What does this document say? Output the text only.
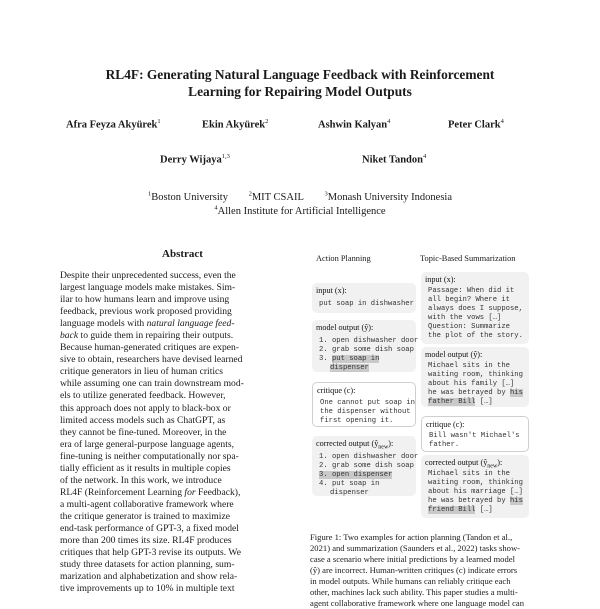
RL4F: Generating Natural Language Feedback with Reinforcement
Learning for Repairing Model Outputs
Afra Feyza Akyürek$^1$	Ekin Akyürek$^2$	Ashwin Kalyan$^4$	Peter Clark$^4$
Derry Wijaya$^{1,3}$	Niket Tandon$^4$
$^1$Boston University	$^2$MIT CSAIL	$^3$Monash University Indonesia
$^4$Allen Institute for Artificial Intelligence
Abstract
Despite their unprecedented success, even the
largest language models make mistakes. Sim-
ilar to how humans learn and improve using
feedback, previous work proposed providing
language models with natural language feed-
back to guide them in repairing their outputs.
Because human-generated critiques are expen-
sive to obtain, researchers have devised learned
critique generators in lieu of human critics
while assuming one can train downstream mod-
els to utilize generated feedback. However,
this approach does not apply to black-box or
limited access models such as ChatGPT, as
they cannot be fine-tuned. Moreover, in the
era of large general-purpose language agents,
fine-tuning is neither computationally nor spa-
tially efficient as it results in multiple copies
of the network. In this work, we introduce
RL4F (Reinforcement Learning for Feedback),
a multi-agent collaborative framework where
the critique generator is trained to maximize
end-task performance of GPT-3, a fixed model
more than 200 times its size. RL4F produces
critiques that help GPT-3 revise its outputs. We
study three datasets for action planning, sum-
marization and alphabetization and show rela-
tive improvements up to 10% in multiple text
Action Planning	Topic-Based Summarization
input (x):
put soap in dishwasher
model output (ŷ):
1. open dishwasher door
2. grab some dish soap
3. put soap in
dispenser
critique (c):
One cannot put soap in
the dispenser without
first opening it.
corrected output $(ŷ_{new})$:
1. open dishwasher door
2. grab some dish soap
3. open dispenser
4. put soap in
dispenser
input (x):
Passage: When did it
all begin? Where it
always does I suppose,
with the vows […]
Question: Summarize
the plot of the story.
model output (ŷ):
Michael sits in the
waiting room, thinking
about his family […]
he was betrayed by his
father Bill […]
critique (c):
Bill wasn't Michael's
father.
corrected output $(ŷ_{new})$:
Michael sits in the
waiting room, thinking
about his marriage […]
he was betrayed by his
friend Bill […]
Figure 1: Two examples for action planning (Tandon et al.,
2021) and summarization (Saunders et al., 2022) tasks show-
case a scenario where initial predictions by a learned model
(ŷ) are incorrect. Human-written critiques (c) indicate errors
in model outputs. While humans can reliably critique each
other, machines lack such ability. This paper studies a multi-
agent collaborative framework where one language model can
